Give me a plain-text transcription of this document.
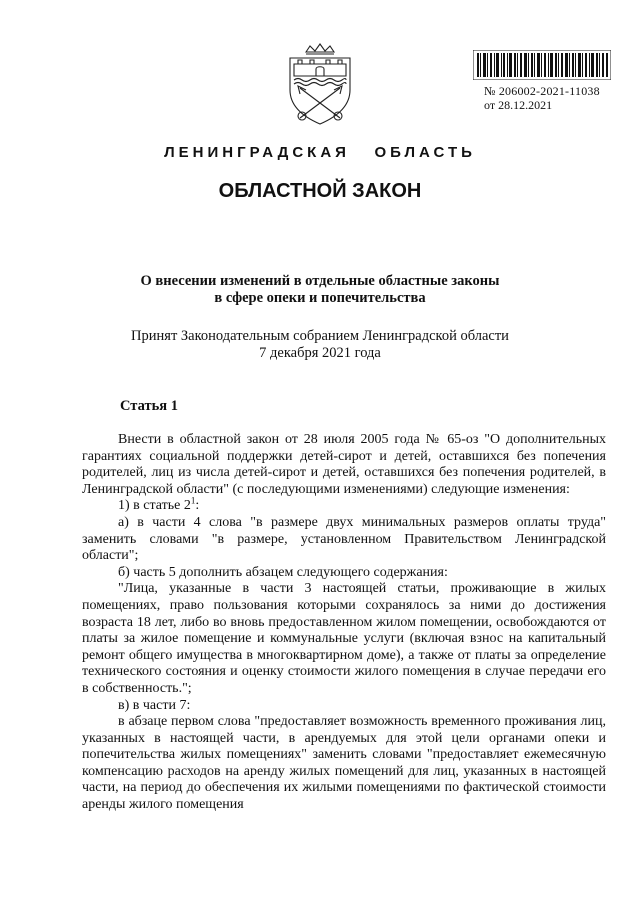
№ 206002-2021-11038
от 28.12.2021
ЛЕНИНГРАДСКАЯ   ОБЛАСТЬ
ОБЛАСТНОЙ ЗАКОН
О внесении изменений в отдельные областные законы
в сфере опеки и попечительства
Принят Законодательным собранием Ленинградской области
7 декабря 2021 года
Статья 1

Внести в областной закон от 28 июля 2005 года № 65-оз "О дополнительных гарантиях социальной поддержки детей-сирот и детей, оставшихся без попечения родителей, лиц из числа детей-сирот и детей, оставшихся без попечения родителей, в Ленинградской области" (с последующими изменениями) следующие изменения:

1) в статье $2^1$:

а) в части 4 слова "в размере двух минимальных размеров оплаты труда" заменить словами "в размере, установленном Правительством Ленинградской области";

б) часть 5 дополнить абзацем следующего содержания:

"Лица, указанные в части 3 настоящей статьи, проживающие в жилых помещениях, право пользования которыми сохранялось за ними до достижения возраста 18 лет, либо во вновь предоставленном жилом помещении, освобождаются от платы за жилое помещение и коммунальные услуги (включая взнос на капитальный ремонт общего имущества в многоквартирном доме), а также от платы за определение технического состояния и оценку стоимости жилого помещения в случае передачи его в собственность.";

в) в части 7:

в абзаце первом слова "предоставляет возможность временного проживания лиц, указанных в настоящей части, в арендуемых для этой цели органами опеки и попечительства жилых помещениях" заменить словами "предоставляет ежемесячную компенсацию расходов на аренду жилых помещений для лиц, указанных в настоящей части, на период до обеспечения их жилыми помещениями по фактической стоимости аренды жилого помещения
